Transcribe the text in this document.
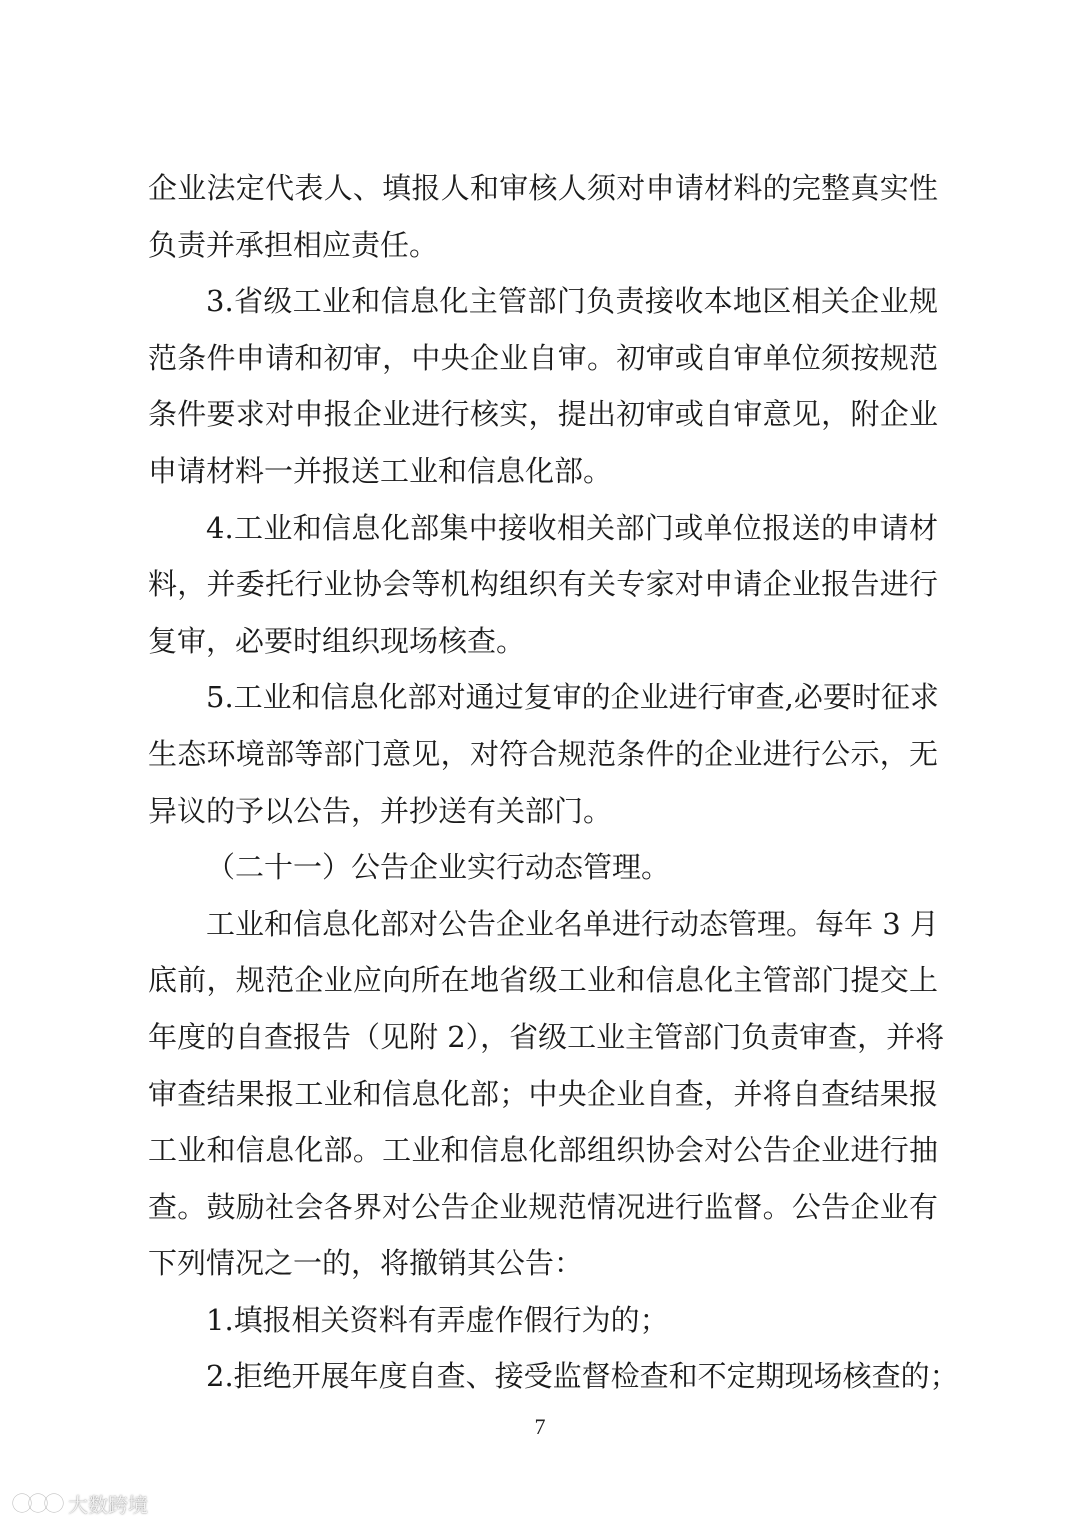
企业法定代表人、填报人和审核人须对申请材料的完整真实性
负责并承担相应责任。
3.省级工业和信息化主管部门负责接收本地区相关企业规
范条件申请和初审，中央企业自审。初审或自审单位须按规范
条件要求对申报企业进行核实，提出初审或自审意见，附企业
申请材料一并报送工业和信息化部。
4.工业和信息化部集中接收相关部门或单位报送的申请材
料，并委托行业协会等机构组织有关专家对申请企业报告进行
复审，必要时组织现场核查。
5.工业和信息化部对通过复审的企业进行审查,必要时征求
生态环境部等部门意见，对符合规范条件的企业进行公示，无
异议的予以公告，并抄送有关部门。
（二十一）公告企业实行动态管理。
工业和信息化部对公告企业名单进行动态管理。每年 3 月
底前，规范企业应向所在地省级工业和信息化主管部门提交上
年度的自查报告（见附 2），省级工业主管部门负责审查，并将
审查结果报工业和信息化部；中央企业自查，并将自查结果报
工业和信息化部。工业和信息化部组织协会对公告企业进行抽
查。鼓励社会各界对公告企业规范情况进行监督。公告企业有
下列情况之一的，将撤销其公告：
1.填报相关资料有弄虚作假行为的；
2.拒绝开展年度自查、接受监督检查和不定期现场核查的；
7
大数跨境
